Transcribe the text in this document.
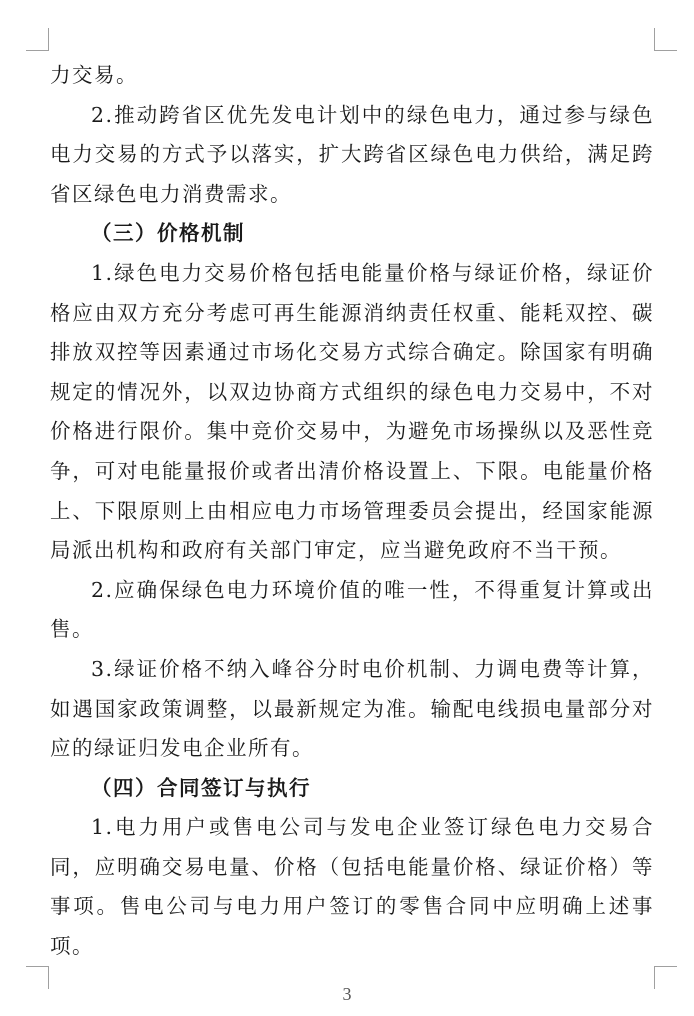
力交易。

2.推动跨省区优先发电计划中的绿色电力，通过参与绿色电力交易的方式予以落实，扩大跨省区绿色电力供给，满足跨省区绿色电力消费需求。

（三）价格机制

1.绿色电力交易价格包括电能量价格与绿证价格，绿证价格应由双方充分考虑可再生能源消纳责任权重、能耗双控、碳排放双控等因素通过市场化交易方式综合确定。除国家有明确规定的情况外，以双边协商方式组织的绿色电力交易中，不对价格进行限价。集中竞价交易中，为避免市场操纵以及恶性竞争，可对电能量报价或者出清价格设置上、下限。电能量价格上、下限原则上由相应电力市场管理委员会提出，经国家能源局派出机构和政府有关部门审定，应当避免政府不当干预。

2.应确保绿色电力环境价值的唯一性，不得重复计算或出售。

3.绿证价格不纳入峰谷分时电价机制、力调电费等计算，如遇国家政策调整，以最新规定为准。输配电线损电量部分对应的绿证归发电企业所有。

（四）合同签订与执行

1.电力用户或售电公司与发电企业签订绿色电力交易合同，应明确交易电量、价格（包括电能量价格、绿证价格）等事项。售电公司与电力用户签订的零售合同中应明确上述事项。

3
